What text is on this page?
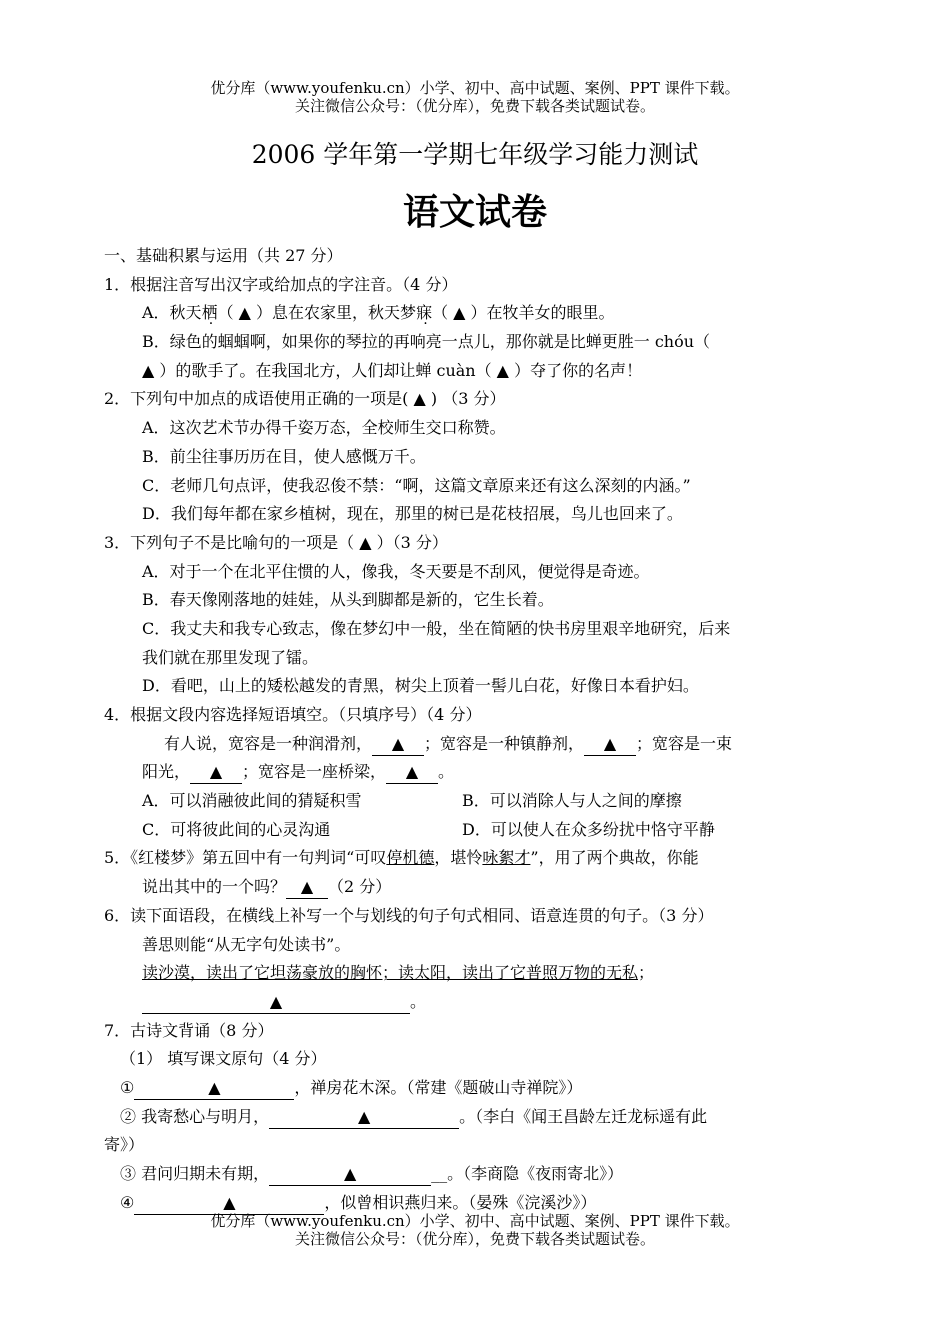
优分库（www.youfenku.cn）小学、初中、高中试题、案例、PPT 课件下载。
关注微信公众号：（优分库），免费下载各类试题试卷。
2006 学年第一学期七年级学习能力测试
语文试卷
一、基础积累与运用（共 27 分）
1．根据注音写出汉字或给加点的字注音。（4 分）
A．秋天栖（ ▲ ）息在农家里，秋天梦寐（ ▲ ）在牧羊女的眼里。
B．绿色的蝈蝈啊，如果你的琴拉的再响亮一点儿，那你就是比蝉更胜一 chóu（
▲ ）的歌手了。在我国北方，人们却让蝉 cuàn（ ▲ ）夺了你的名声！
2．下列句中加点的成语使用正确的一项是( ▲ ) （3 分）
A．这次艺术节办得千姿万态，全校师生交口称赞。
B．前尘往事历历在目，使人感慨万千。
C．老师几句点评，使我忍俊不禁：“啊，这篇文章原来还有这么深刻的内涵。”
D．我们每年都在家乡植树，现在，那里的树已是花枝招展，鸟儿也回来了。
3．下列句子不是比喻句的一项是（ ▲ ）（3 分）
A．对于一个在北平住惯的人，像我，冬天要是不刮风，便觉得是奇迹。
B．春天像刚落地的娃娃，从头到脚都是新的，它生长着。
C．我丈夫和我专心致志，像在梦幻中一般，坐在简陋的快书房里艰辛地研究，后来
我们就在那里发现了镭。
D．看吧，山上的矮松越发的青黑，树尖上顶着一髻儿白花，好像日本看护妇。
4．根据文段内容选择短语填空。（只填序号）（4 分）
有人说，宽容是一种润滑剂， ▲ ；宽容是一种镇静剂， ▲ ；宽容是一束
阳光， ▲ ；宽容是一座桥梁， ▲ 。
A．可以消融彼此间的猜疑积雪	B．可以消除人与人之间的摩擦
C．可将彼此间的心灵沟通	D．可以使人在众多纷扰中恪守平静
5．《红楼梦》第五回中有一句判词“可叹停机德，堪怜咏絮才”，用了两个典故，你能
说出其中的一个吗？ ▲ （2 分）
6．读下面语段，在横线上补写一个与划线的句子句式相同、语意连贯的句子。（3 分）
善思则能“从无字句处读书”。
读沙漠，读出了它坦荡豪放的胸怀；读太阳，读出了它普照万物的无私；
▲	。
7．古诗文背诵（8 分）
（1） 填写课文原句（4 分）
①	▲	，禅房花木深。（常建《题破山寺禅院》）
② 我寄愁心与明月，	▲	。（李白《闻王昌龄左迁龙标遥有此
寄》）
③ 君问归期未有期，	▲	__。（李商隐《夜雨寄北》）
④	▲	，似曾相识燕归来。（晏殊《浣溪沙》）
优分库（www.youfenku.cn）小学、初中、高中试题、案例、PPT 课件下载。
关注微信公众号：（优分库），免费下载各类试题试卷。
